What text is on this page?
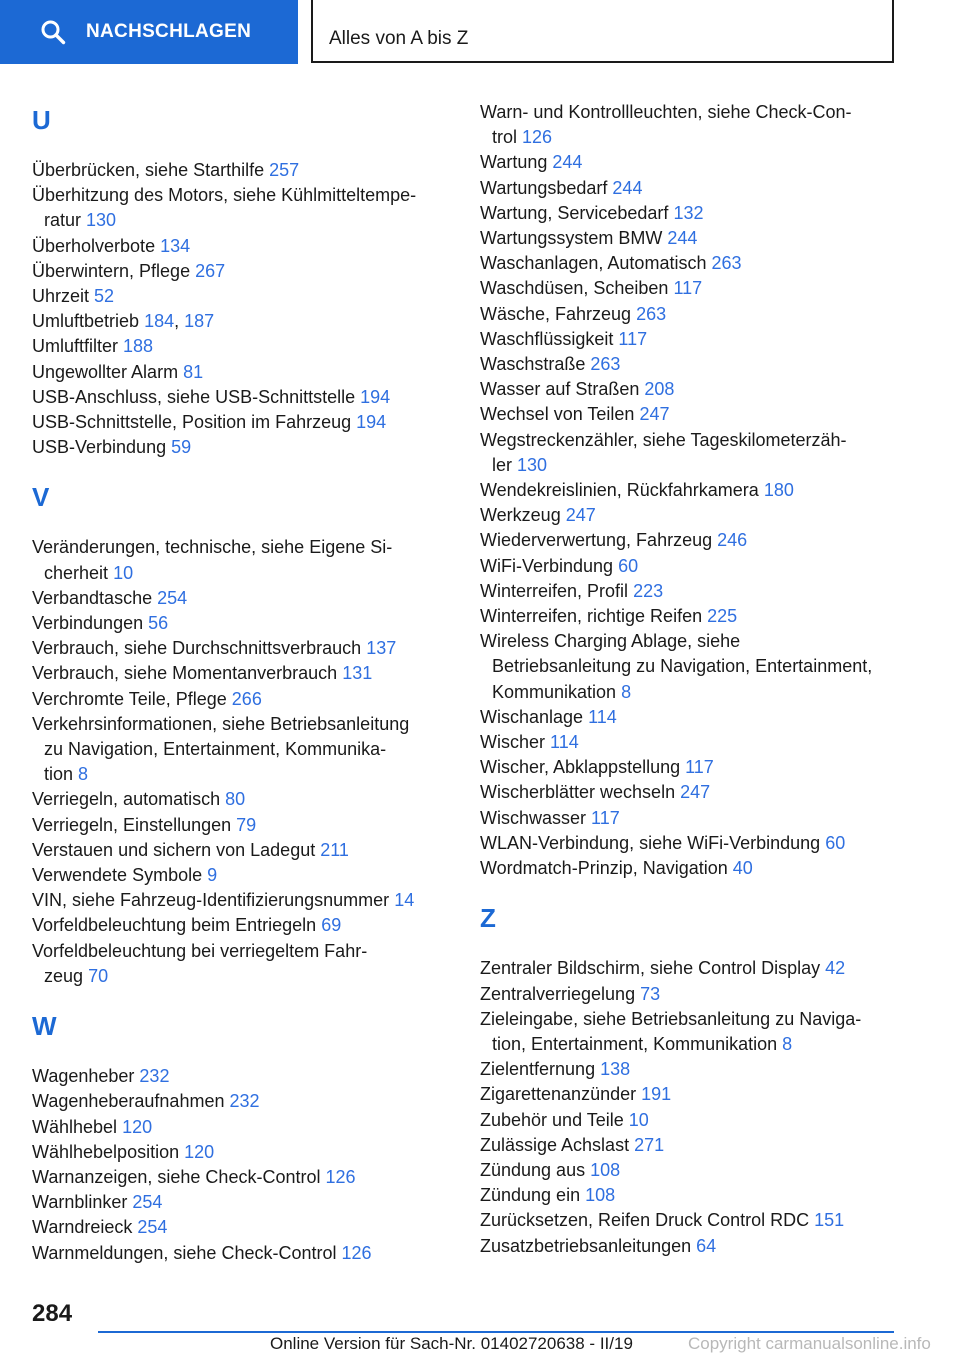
NACHSCHLAGEN	Alles von A bis Z
U
Überbrücken, siehe Starthilfe 257
Überhitzung des Motors, siehe Kühlmitteltempe-
ratur 130
Überholverbote 134
Überwintern, Pflege 267
Uhrzeit 52
Umluftbetrieb 184, 187
Umluftfilter 188
Ungewollter Alarm 81
USB-Anschluss, siehe USB-Schnittstelle 194
USB-Schnittstelle, Position im Fahrzeug 194
USB-Verbindung 59
V
Veränderungen, technische, siehe Eigene Si-
cherheit 10
Verbandtasche 254
Verbindungen 56
Verbrauch, siehe Durchschnittsverbrauch 137
Verbrauch, siehe Momentanverbrauch 131
Verchromte Teile, Pflege 266
Verkehrsinformationen, siehe Betriebsanleitung
zu Navigation, Entertainment, Kommunika-
tion 8
Verriegeln, automatisch 80
Verriegeln, Einstellungen 79
Verstauen und sichern von Ladegut 211
Verwendete Symbole 9
VIN, siehe Fahrzeug-Identifizierungsnummer 14
Vorfeldbeleuchtung beim Entriegeln 69
Vorfeldbeleuchtung bei verriegeltem Fahr-
zeug 70
W
Wagenheber 232
Wagenheberaufnahmen 232
Wählhebel 120
Wählhebelposition 120
Warnanzeigen, siehe Check-Control 126
Warnblinker 254
Warndreieck 254
Warnmeldungen, siehe Check-Control 126
Warn- und Kontrollleuchten, siehe Check-Con-
trol 126
Wartung 244
Wartungsbedarf 244
Wartung, Servicebedarf 132
Wartungssystem BMW 244
Waschanlagen, Automatisch 263
Waschdüsen, Scheiben 117
Wäsche, Fahrzeug 263
Waschflüssigkeit 117
Waschstraße 263
Wasser auf Straßen 208
Wechsel von Teilen 247
Wegstreckenzähler, siehe Tageskilometerzäh-
ler 130
Wendekreislinien, Rückfahrkamera 180
Werkzeug 247
Wiederverwertung, Fahrzeug 246
WiFi-Verbindung 60
Winterreifen, Profil 223
Winterreifen, richtige Reifen 225
Wireless Charging Ablage, siehe
Betriebsanleitung zu Navigation, Entertainment,
Kommunikation 8
Wischanlage 114
Wischer 114
Wischer, Abklappstellung 117
Wischerblätter wechseln 247
Wischwasser 117
WLAN-Verbindung, siehe WiFi-Verbindung 60
Wordmatch-Prinzip, Navigation 40
Z
Zentraler Bildschirm, siehe Control Display 42
Zentralverriegelung 73
Zieleingabe, siehe Betriebsanleitung zu Naviga-
tion, Entertainment, Kommunikation 8
Zielentfernung 138
Zigarettenanzünder 191
Zubehör und Teile 10
Zulässige Achslast 271
Zündung aus 108
Zündung ein 108
Zurücksetzen, Reifen Druck Control RDC 151
Zusatzbetriebsanleitungen 64
284
Online Version für Sach-Nr. 01402720638 - II/19	Copyright carmanualsonline.info
